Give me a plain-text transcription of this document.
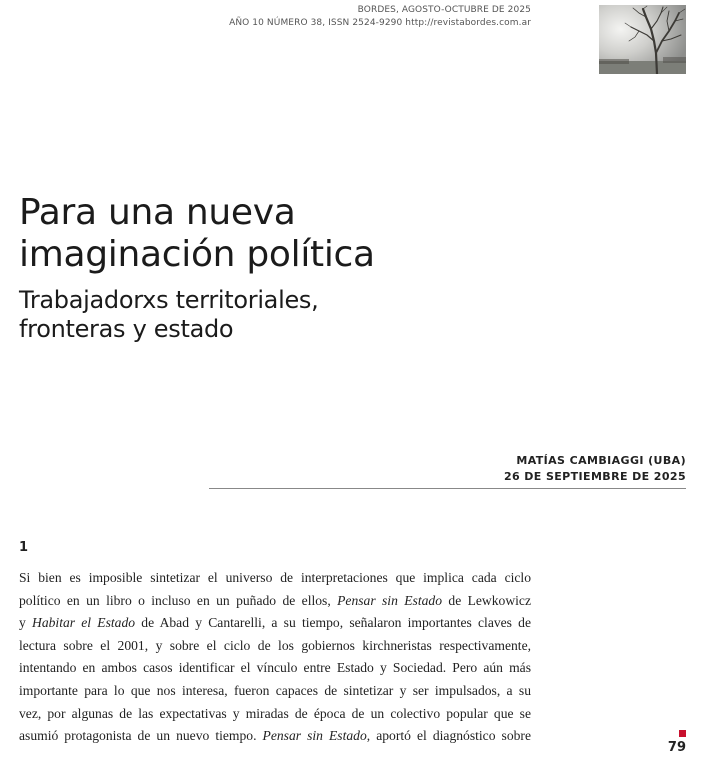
BORDES, AGOSTO-OCTUBRE DE 2025
AÑO 10 NÚMERO 38, ISSN 2524-9290 http://revistabordes.com.ar
Para una nueva
imaginación política
Trabajadorxs territoriales,
fronteras y estado
MATÍAS CAMBIAGGI (UBA)
26 DE SEPTIEMBRE DE 2025
1
Si bien es imposible sintetizar el universo de interpretaciones que implica cada ciclo
político en un libro o incluso en un puñado de ellos, Pensar sin Estado de Lewkowicz
y Habitar el Estado de Abad y Cantarelli, a su tiempo, señalaron importantes claves de
lectura sobre el 2001, y sobre el ciclo de los gobiernos kirchneristas respectivamente,
intentando en ambos casos identificar el vínculo entre Estado y Sociedad. Pero aún más
importante para lo que nos interesa, fueron capaces de sintetizar y ser impulsados, a su
vez, por algunas de las expectativas y miradas de época de un colectivo popular que se
asumió protagonista de un nuevo tiempo. Pensar sin Estado, aportó el diagnóstico sobre
79
